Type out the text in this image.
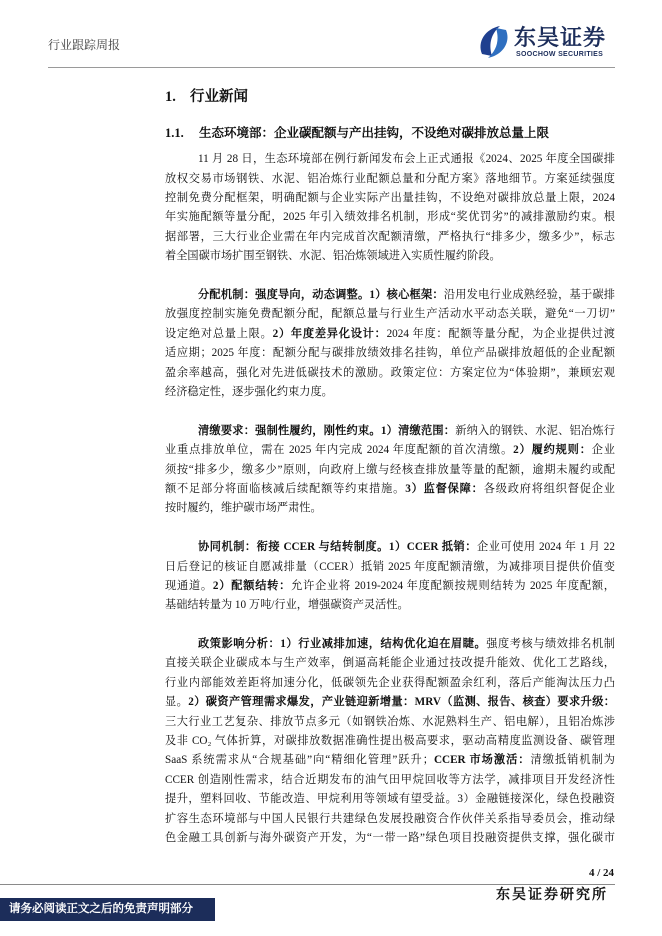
行业跟踪周报	东吴证券
SOOCHOW SECURITIES
1. 行业新闻
1.1. 生态环境部：企业碳配额与产出挂钩，不设绝对碳排放总量上限
11 月 28 日，生态环境部在例行新闻发布会上正式通报《2024、2025 年度全国碳排
放权交易市场钢铁、水泥、铝冶炼行业配额总量和分配方案》落地细节。方案延续强度
控制免费分配框架，明确配额与企业实际产出量挂钩，不设绝对碳排放总量上限，2024
年实施配额等量分配，2025 年引入绩效排名机制，形成“奖优罚劣”的减排激励约束。根
据部署，三大行业企业需在年内完成首次配额清缴，严格执行“排多少，缴多少”，标志
着全国碳市场扩围至钢铁、水泥、铝冶炼领域进入实质性履约阶段。
分配机制：强度导向，动态调整。1）核心框架：沿用发电行业成熟经验，基于碳排
放强度控制实施免费配额分配，配额总量与行业生产活动水平动态关联，避免“一刀切”
设定绝对总量上限。2）年度差异化设计：2024 年度：配额等量分配，为企业提供过渡
适应期；2025 年度：配额分配与碳排放绩效排名挂钩，单位产品碳排放超低的企业配额
盈余率越高，强化对先进低碳技术的激励。政策定位：方案定位为“体验期”，兼顾宏观
经济稳定性，逐步强化约束力度。
清缴要求：强制性履约，刚性约束。1）清缴范围：新纳入的钢铁、水泥、铝冶炼行
业重点排放单位，需在 2025 年内完成 2024 年度配额的首次清缴。2）履约规则：企业
须按“排多少，缴多少”原则，向政府上缴与经核查排放量等量的配额，逾期未履约或配
额不足部分将面临核减后续配额等约束措施。3）监督保障：各级政府将组织督促企业
按时履约，维护碳市场严肃性。
协同机制：衔接 CCER 与结转制度。1）CCER 抵销：企业可使用 2024 年 1 月 22
日后登记的核证自愿减排量（CCER）抵销 2025 年度配额清缴，为减排项目提供价值变
现通道。2）配额结转：允许企业将 2019-2024 年度配额按规则结转为 2025 年度配额，
基础结转量为 10 万吨/行业，增强碳资产灵活性。
政策影响分析：1）行业减排加速，结构优化迫在眉睫。强度考核与绩效排名机制
直接关联企业碳成本与生产效率，倒逼高耗能企业通过技改提升能效、优化工艺路线，
行业内部能效差距将加速分化，低碳领先企业获得配额盈余红利，落后产能淘汰压力凸
显。2）碳资产管理需求爆发，产业链迎新增量：MRV（监测、报告、核查）要求升级：
三大行业工艺复杂、排放节点多元（如钢铁冶炼、水泥熟料生产、铝电解），且铝冶炼涉
及非 CO₂ 气体折算，对碳排放数据准确性提出极高要求，驱动高精度监测设备、碳管理
SaaS 系统需求从“合规基础”向“精细化管理”跃升；CCER 市场激活：清缴抵销机制为
CCER 创造刚性需求，结合近期发布的油气田甲烷回收等方法学，减排项目开发经济性
提升，塑料回收、节能改造、甲烷利用等领域有望受益。3）金融链接深化，绿色投融资
扩容生态环境部与中国人民银行共建绿色发展投融资合作伙伴关系指导委员会，推动绿
色金融工具创新与海外碳资产开发，为“一带一路”绿色项目投融资提供支撑，强化碳市
4 / 24
请务必阅读正文之后的免责声明部分
东吴证券研究所
